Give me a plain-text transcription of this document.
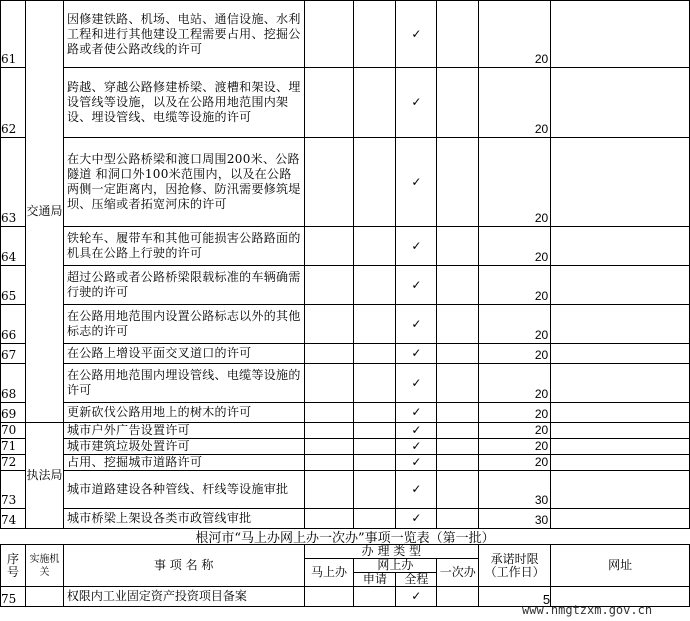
61	交通局	因修建铁路、机场、电站、通信设施、水利工程和进行其他建设工程需要占用、挖掘公路或者使公路改线的许可			✓		20	
62		跨越、穿越公路修建桥梁、渡槽和架设、埋设管线等设施，以及在公路用地范围内架设、埋设管线、电缆等设施的许可			✓		20	
63		在大中型公路桥梁和渡口周围200米、公路隧道 和洞口外100米范围内，以及在公路两侧一定距离内，因抢修、防汛需要修筑堤坝、压缩或者拓宽河床的许可			✓		20	
64		铁轮车、履带车和其他可能损害公路路面的机具在公路上行驶的许可			✓		20	
65		超过公路或者公路桥梁限载标准的车辆确需行驶的许可			✓		20	
66		在公路用地范围内设置公路标志以外的其他标志的许可			✓		20	
67		在公路上增设平面交叉道口的许可			✓		20	
68		在公路用地范围内埋设管线、电缆等设施的许可			✓		20	
69		更新砍伐公路用地上的树木的许可			✓		20	
70	执法局	城市户外广告设置许可			✓		20	
71		城市建筑垃圾处置许可			✓		20	
72		占用、挖掘城市道路许可			✓		20	
73		城市道路建设各种管线、杆线等设施审批			✓		30	
74		城市桥梁上架设各类市政管线审批			✓		30	
根河市“马上办网上办一次办”事项一览表（第一批）
序号	实施机关	事 项 名 称	办 理 类 型				承诺时限（工作日）	网址
			马上办	网上办		一次办		
				申请	全程			
75		权限内工业固定资产投资项目备案			✓		5	
www.nmgtzxm.gov.cn
